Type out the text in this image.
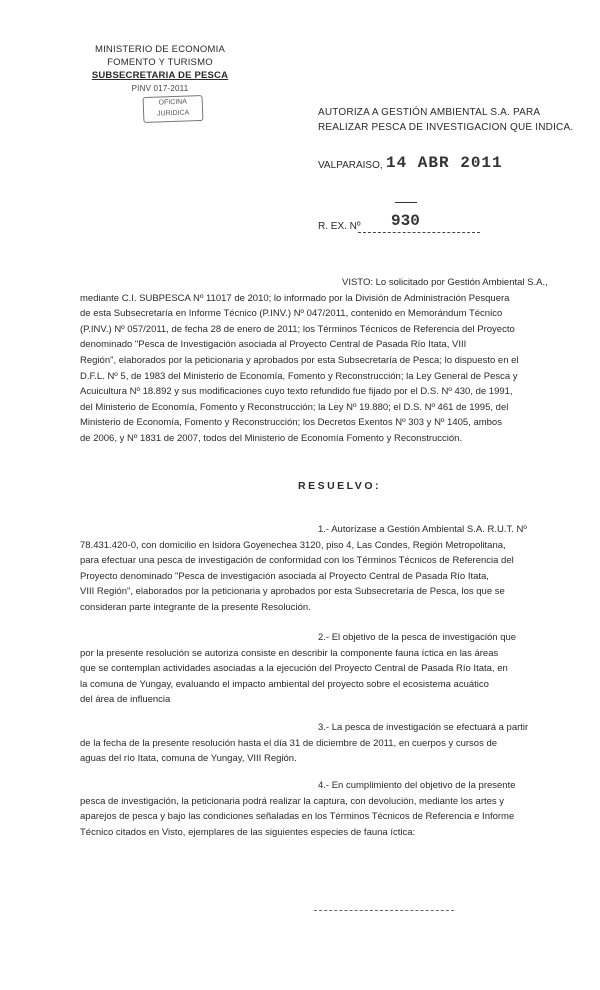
MINISTERIO DE ECONOMIA
FOMENTO Y TURISMO
SUBSECRETARIA DE PESCA
PINV 017-2011
OFICINA
JURIDICA	AUTORIZA A GESTIÓN AMBIENTAL S.A. PARA
REALIZAR PESCA DE INVESTIGACION QUE INDICA.
VALPARAISO, 14 ABR 2011
R. EX. Nº 930
VISTO: Lo solicitado por Gestión Ambiental S.A.,
mediante C.I. SUBPESCA Nº 11017 de 2010; lo informado por la División de Administración Pesquera
de esta Subsecretaría en Informe Técnico (P.INV.) Nº 047/2011, contenido en Memorándum Técnico
(P.INV.) Nº 057/2011, de fecha 28 de enero de 2011; los Términos Técnicos de Referencia del Proyecto
denominado "Pesca de Investigación asociada al Proyecto Central de Pasada Río Itata, VIII
Región", elaborados por la peticionaria y aprobados por esta Subsecretaría de Pesca; lo dispuesto en el
D.F.L. Nº 5, de 1983 del Ministerio de Economía, Fomento y Reconstrucción; la Ley General de Pesca y
Acuicultura Nº 18.892 y sus modificaciones cuyo texto refundido fue fijado por el D.S. Nº 430, de 1991,
del Ministerio de Economía, Fomento y Reconstrucción; la Ley Nº 19.880; el D.S. Nº 461 de 1995, del
Ministerio de Economía, Fomento y Reconstrucción; los Decretos Exentos Nº 303 y Nº 1405, ambos
de 2006, y Nº 1831 de 2007, todos del Ministerio de Economía Fomento y Reconstrucción.
RESUELVO:
1.- Autorízase a Gestión Ambiental S.A. R.U.T. Nº
78.431.420-0, con domicilio en Isidora Goyenechea 3120, piso 4, Las Condes, Región Metropolitana,
para efectuar una pesca de investigación de conformidad con los Términos Técnicos de Referencia del
Proyecto denominado "Pesca de investigación asociada al Proyecto Central de Pasada Río Itata,
VIII Región", elaborados por la peticionaria y aprobados por esta Subsecretaría de Pesca, los que se
consideran parte integrante de la presente Resolución.
2.- El objetivo de la pesca de investigación que
por la presente resolución se autoriza consiste en describir la componente fauna íctica en las áreas
que se contemplan actividades asociadas a la ejecución del Proyecto Central de Pasada Río Itata, en
la comuna de Yungay, evaluando el impacto ambiental del proyecto sobre el ecosistema acuático
del área de influencia
3.- La pesca de investigación se efectuará a partir
de la fecha de la presente resolución hasta el día 31 de diciembre de 2011, en cuerpos y cursos de
aguas del río Itata, comuna de Yungay, VIII Región.
4.- En cumplimiento del objetivo de la presente
pesca de investigación, la peticionaria podrá realizar la captura, con devolución, mediante los artes y
aparejos de pesca y bajo las condiciones señaladas en los Términos Técnicos de Referencia e Informe
Técnico citados en Visto, ejemplares de las siguientes especies de fauna íctica:
